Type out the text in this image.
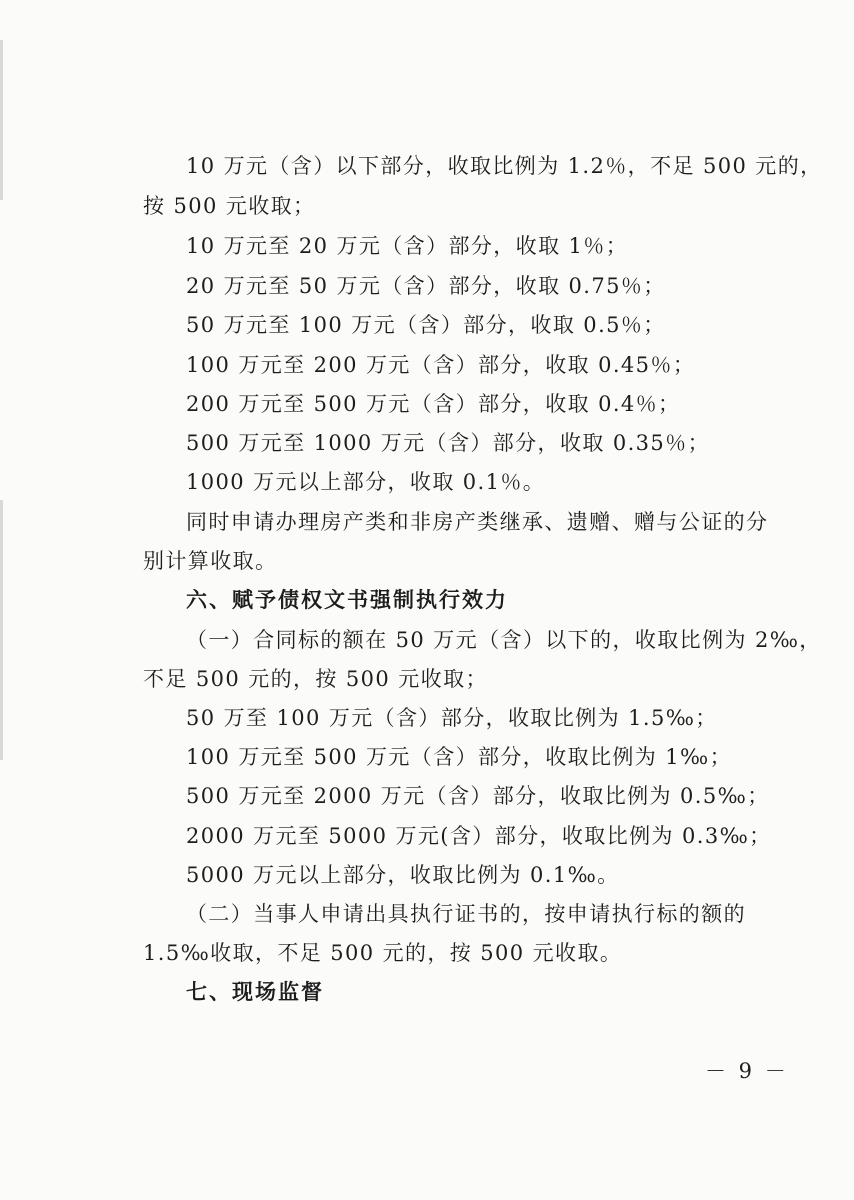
10 万元（含）以下部分，收取比例为 1.2％，不足 500 元的，
按 500 元收取；
10 万元至 20 万元（含）部分，收取 1％；
20 万元至 50 万元（含）部分，收取 0.75％；
50 万元至 100 万元（含）部分，收取 0.5％；
100 万元至 200 万元（含）部分，收取 0.45％；
200 万元至 500 万元（含）部分，收取 0.4％；
500 万元至 1000 万元（含）部分，收取 0.35％；
1000 万元以上部分，收取 0.1％。
同时申请办理房产类和非房产类继承、遗赠、赠与公证的分
别计算收取。
六、赋予债权文书强制执行效力
（一）合同标的额在 50 万元（含）以下的，收取比例为 2‰，
不足 500 元的，按 500 元收取；
50 万至 100 万元（含）部分，收取比例为 1.5‰；
100 万元至 500 万元（含）部分，收取比例为 1‰；
500 万元至 2000 万元（含）部分，收取比例为 0.5‰；
2000 万元至 5000 万元(含）部分，收取比例为 0.3‰；
5000 万元以上部分，收取比例为 0.1‰。
（二）当事人申请出具执行证书的，按申请执行标的额的
1.5‰收取，不足 500 元的，按 500 元收取。
七、现场监督
－ 9 －
